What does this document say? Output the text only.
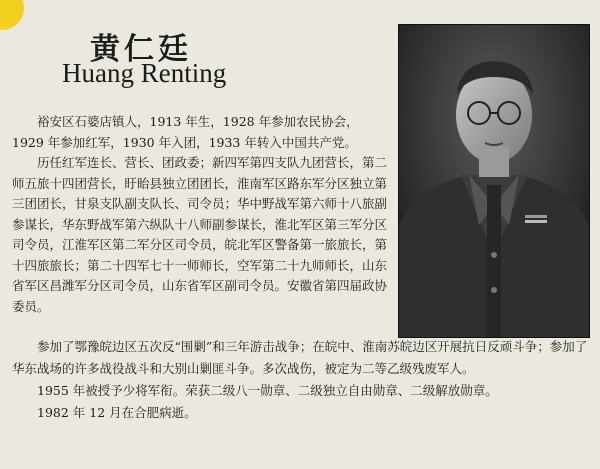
黄仁廷
Huang Renting

裕安区石婆店镇人，1913 年生，1928 年参加农民协会，1929 年参加红军，1930 年入团，1933 年转入中国共产党。

历任红军连长、营长、团政委；新四军第四支队九团营长，第二师五旅十四团营长，盱眙县独立团团长，淮南军区路东军分区独立第三团团长，甘泉支队副支队长、司令员；华中野战军第六师十八旅副参谋长，华东野战军第六纵队十八师副参谋长，淮北军区第三军分区司令员，江淮军区第二军分区司令员，皖北军区警备第一旅旅长，第十四旅旅长；第二十四军七十一师师长，空军第二十九师师长，山东省军区昌潍军分区司令员，山东省军区副司令员。安徽省第四届政协委员。

参加了鄂豫皖边区五次反“围剿”和三年游击战争；在皖中、淮南苏皖边区开展抗日反顽斗争；参加了华东战场的许多战役战斗和大别山剿匪斗争。多次战伤，被定为二等乙级残废军人。

1955 年被授予少将军衔。荣获二级八一勋章、二级独立自由勋章、二级解放勋章。

1982 年 12 月在合肥病逝。
